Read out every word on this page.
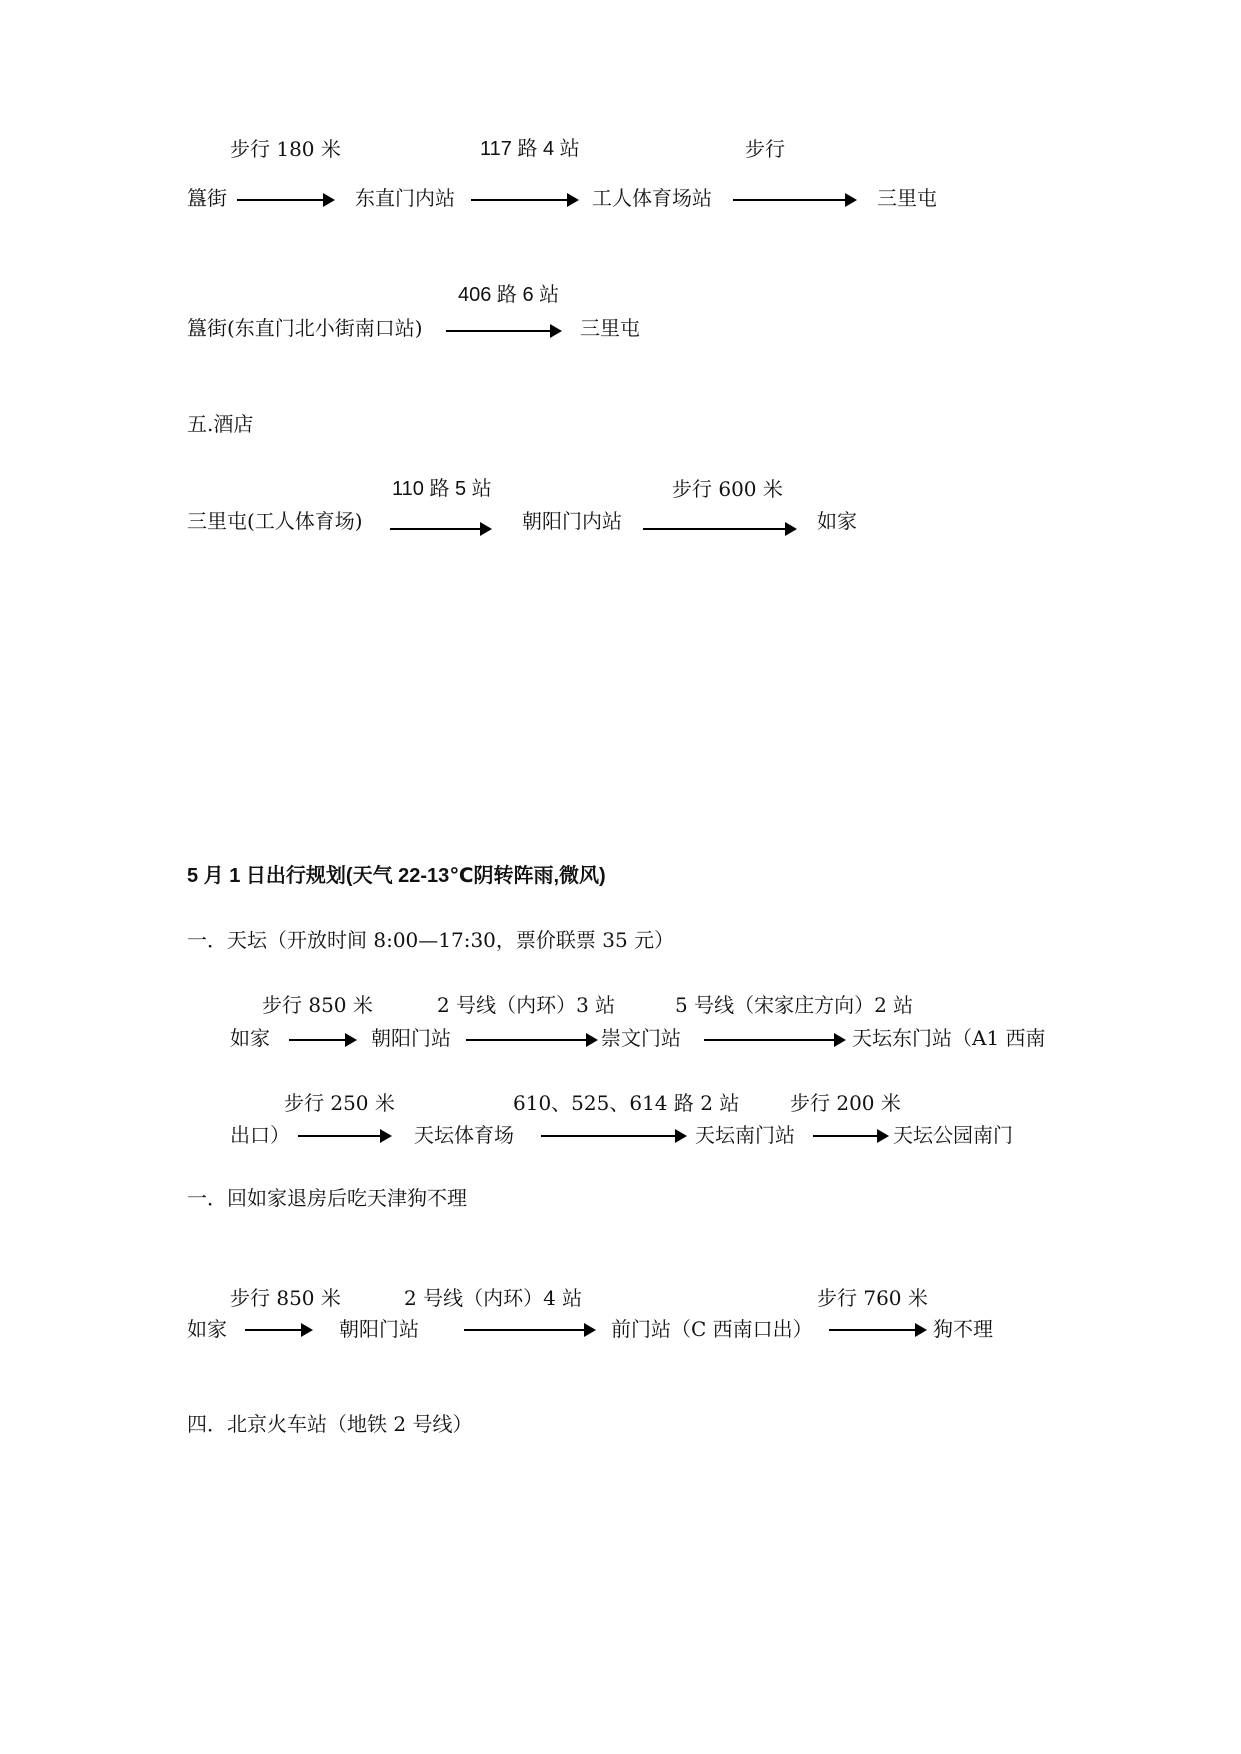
步行 180 米	117 路 4 站	步行
簋街	东直门内站	工人体育场站	三里屯
406 路 6 站
簋街(东直门北小街南口站)	三里屯
五.酒店
110 路 5 站	步行 600 米
三里屯(工人体育场)	朝阳门内站	如家
5 月 1 日出行规划(天气 22-13℃阴转阵雨,微风)
一．天坛（开放时间 8:00—17:30，票价联票 35 元）
步行 850 米	2 号线（内环）3 站	5 号线（宋家庄方向）2 站
如家	朝阳门站	崇文门站	天坛东门站（A1 西南
步行 250 米	610、525、614 路 2 站	步行 200 米
出口）	天坛体育场	天坛南门站	天坛公园南门
一．回如家退房后吃天津狗不理
步行 850 米	2 号线（内环）4 站	步行 760 米
如家	朝阳门站	前门站（C 西南口出）	狗不理
四．北京火车站（地铁 2 号线）
